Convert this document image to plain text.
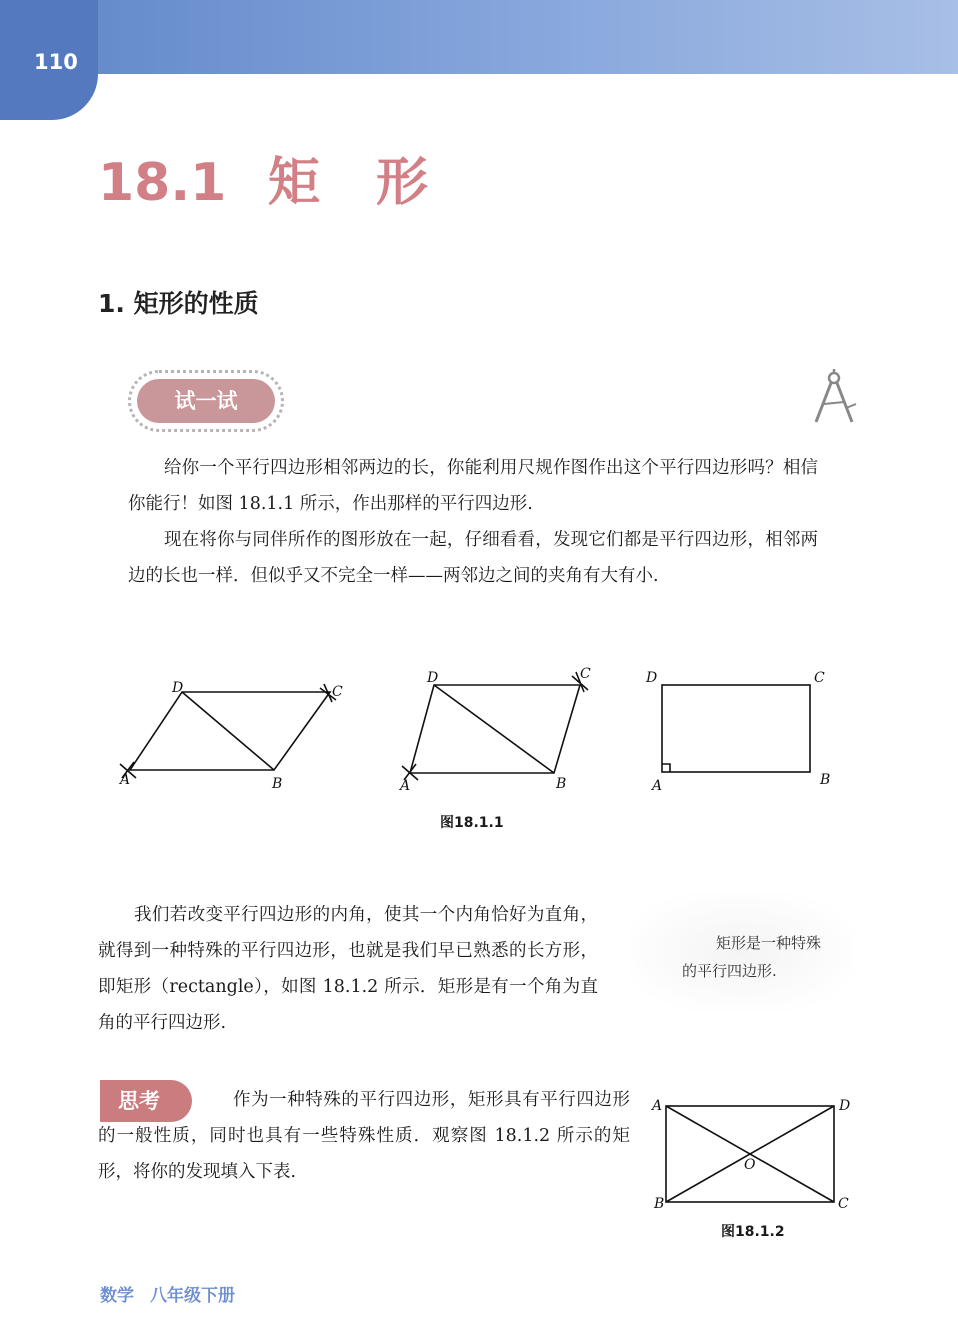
110
18.1 矩 形
1. 矩形的性质
试一试

给你一个平行四边形相邻两边的长，你能利用尺规作图作出这个平行四边形吗？相信你能行！如图 18.1.1 所示，作出那样的平行四边形.

现在将你与同伴所作的图形放在一起，仔细看看，发现它们都是平行四边形，相邻两边的长也一样．但似乎又不完全一样——两邻边之间的夹角有大有小.

A	B
C
D
A	B
C
D
A	B
C
D
图18.1.1

我们若改变平行四边形的内角，使其一个内角恰好为直角，就得到一种特殊的平行四边形，也就是我们早已熟悉的长方形，即矩形（rectangle），如图 18.1.2 所示．矩形是有一个角为直角的平行四边形.

矩形是一种特殊的平行四边形.
思考	作为一种特殊的平行四边形，矩形具有平行四边形的一般性质，同时也具有一些特殊性质．观察图 18.1.2 所示的矩形，将你的发现填入下表.

A
B	C
D
O
图18.1.2
数学 八年级下册
